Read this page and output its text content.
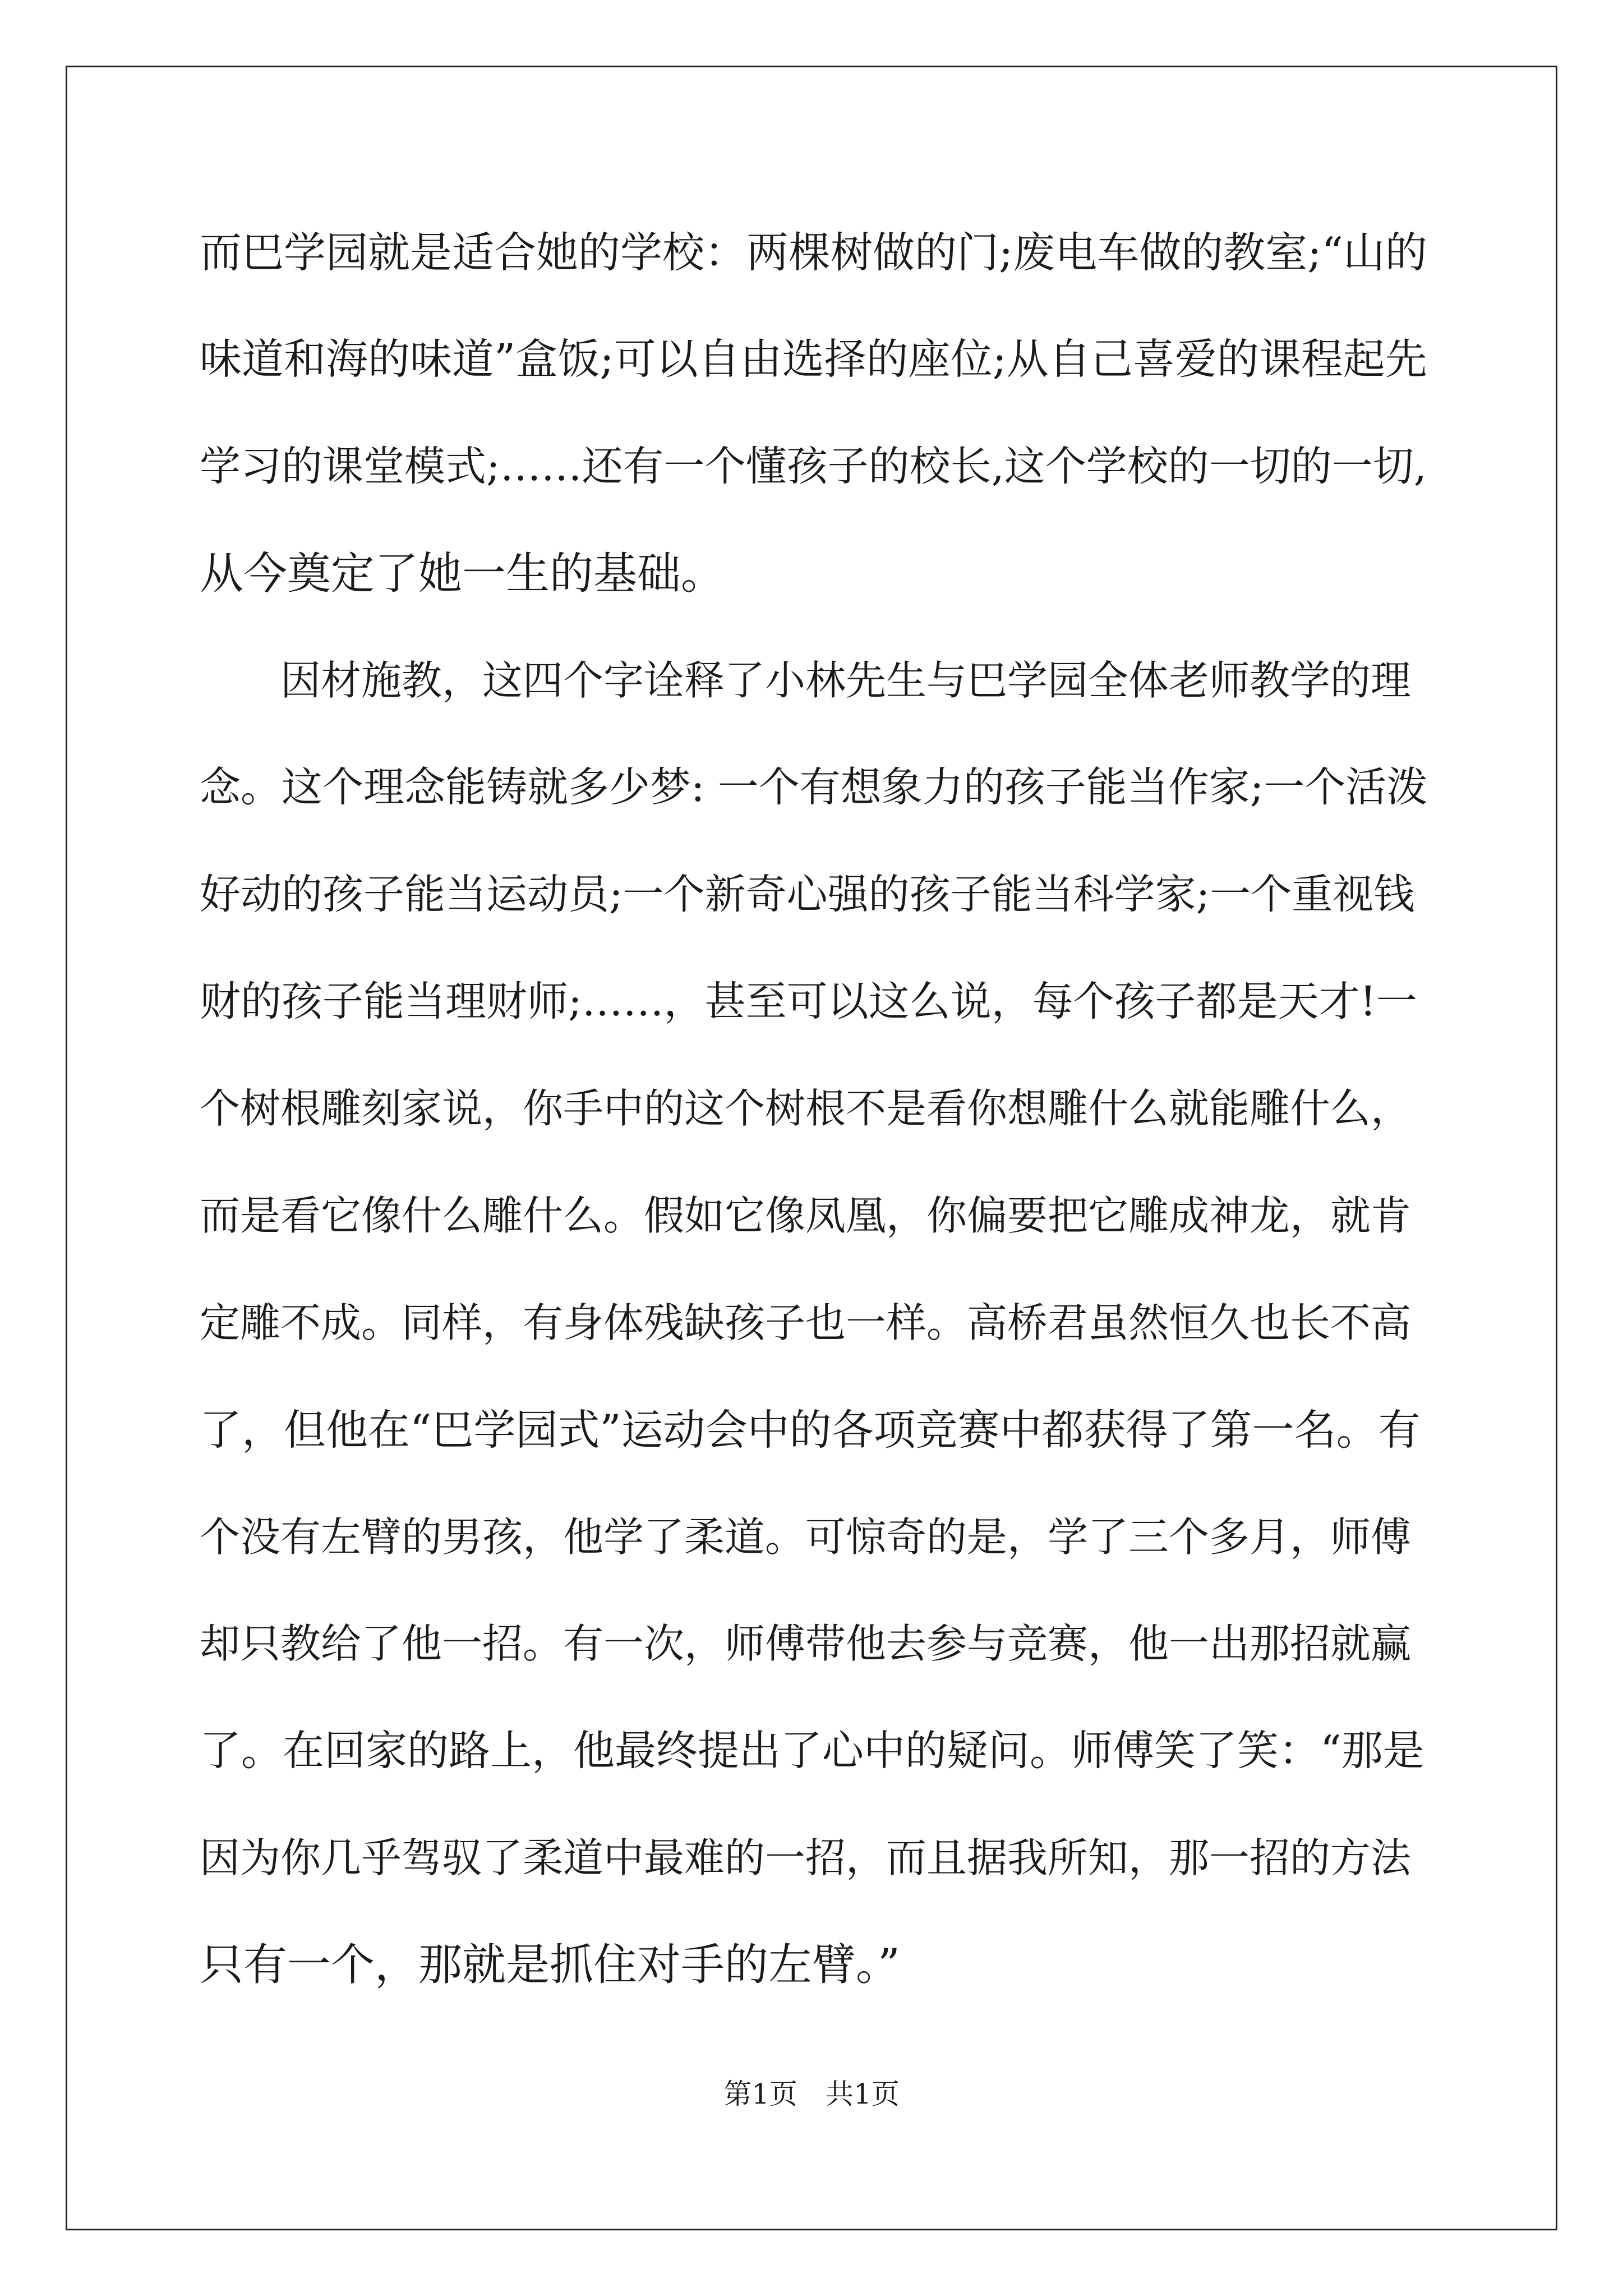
而巴学园就是适合她的学校：两棵树做的门;废电车做的教室;“山的

味道和海的味道”盒饭;可以自由选择的座位;从自己喜爱的课程起先

学习的课堂模式;……还有一个懂孩子的校长,这个学校的一切的一切,

从今奠定了她一生的基础。

　　因材施教，这四个字诠释了小林先生与巴学园全体老师教学的理

念。这个理念能铸就多少梦: 一个有想象力的孩子能当作家;一个活泼

好动的孩子能当运动员;一个新奇心强的孩子能当科学家;一个重视钱

财的孩子能当理财师;……，甚至可以这么说，每个孩子都是天才!一

个树根雕刻家说，你手中的这个树根不是看你想雕什么就能雕什么，

而是看它像什么雕什么。假如它像凤凰，你偏要把它雕成神龙，就肯

定雕不成。同样，有身体残缺孩子也一样。高桥君虽然恒久也长不高

了，但他在“巴学园式”运动会中的各项竞赛中都获得了第一名。有

个没有左臂的男孩，他学了柔道。可惊奇的是，学了三个多月，师傅

却只教给了他一招。有一次，师傅带他去参与竞赛，他一出那招就赢

了。在回家的路上，他最终提出了心中的疑问。师傅笑了笑：“那是

因为你几乎驾驭了柔道中最难的一招，而且据我所知，那一招的方法

只有一个，那就是抓住对手的左臂。”

第1页　共1页
